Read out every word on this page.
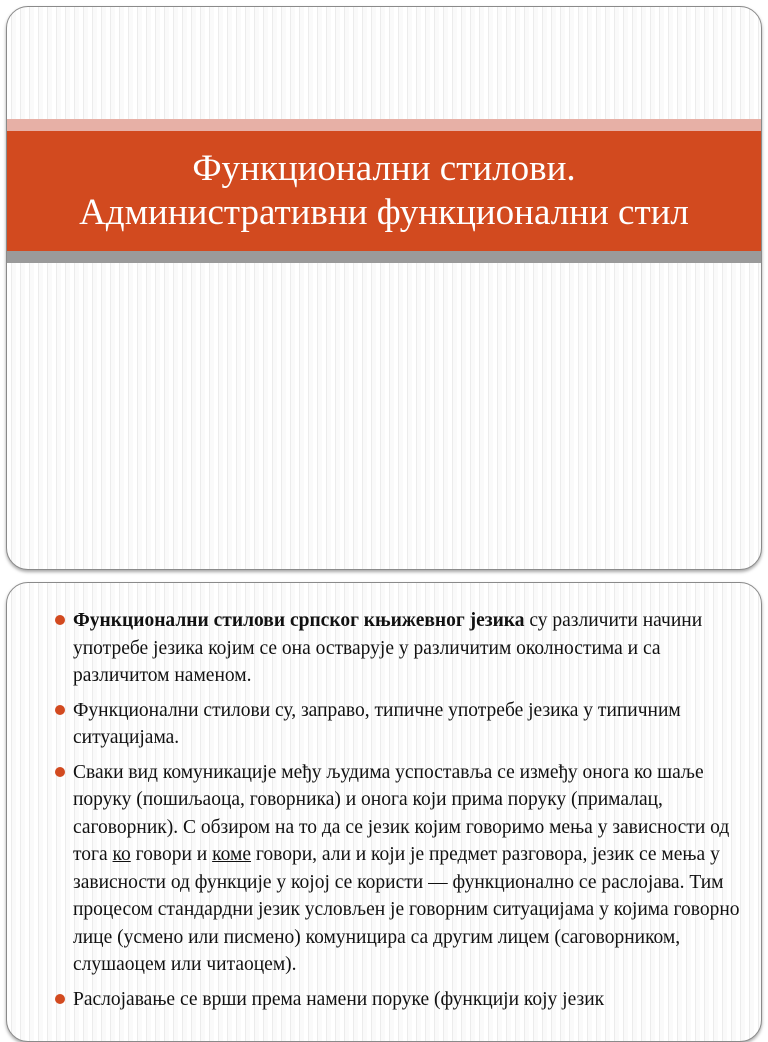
Функционални стилови.
Административни функционални стил
Функционални стилови српског књижевног језика су различити начини употребе језика којим се она остварује у различитим околностима и са различитом наменом.
Функционални стилови су, заправо, типичне употребе језика у типичним ситуацијама.
Сваки вид комуникације међу људима успоставља се између онога ко шаље поруку (пошиљаоца, говорника) и онога који прима поруку (прималац, саговорник). С обзиром на то да се језик којим говоримо мења у зависности од тога ко говори и коме говори, али и који је предмет разговора, језик се мења у зависности од функције у којој се користи — функционално се раслојава. Тим процесом стандардни језик условљен је говорним ситуацијама у којима говорно лице (усмено или писмено) комуницира са другим лицем (саговорником, слушаоцем или читаоцем).
Раслојавање се врши према намени поруке (функцији коју језик
